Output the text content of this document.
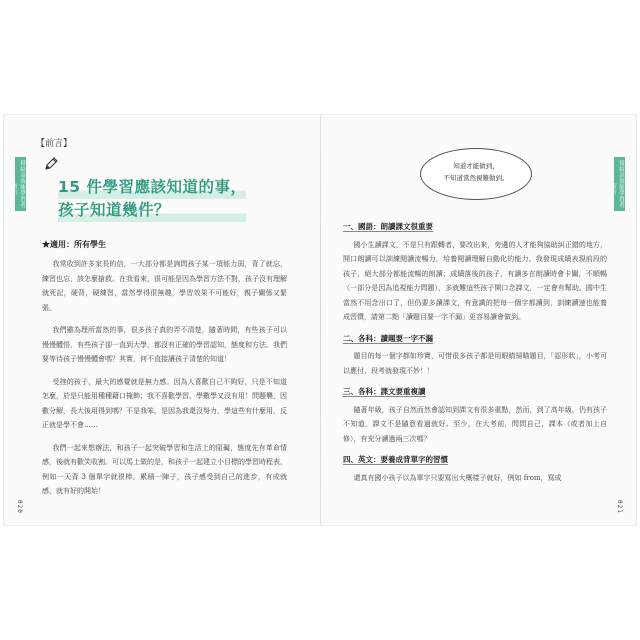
【前言】
15 件學習應該知道的事，
孩子知道幾件？
★適用：所有學生

我常收到許多家長的信，一大部分都是詢問孩子某一項能力弱，背了就忘，練習也忘，該怎麼搶救。在我看來，很可能是因為學習方法不對，孩子沒有理解就死記，硬背，硬練習，當然學得很無趣，學習效果不可能好，親子關係又緊張。

我們雖為理所當然的事，很多孩子真的弄不清楚，隨著時間，有些孩子可以慢慢體悟，有些孩子卻一直到大學，都沒有正確的學習認知，態度和方法。我們要等待孩子慢慢體會嗎？其實，何不直接讓孩子清楚的知道！

受挫的孩子，最大的感覺就是無力感。因為人喜歡自己不夠好，只是不知道怎麼，於是只能用種種藉口掩飾；我不喜歡學習，學數學又沒有用！問題襲，因數分解，長大後用得到嗎？不是我笨，是因為我還沒努力，學這些有什麼用，反正就是學不會……

我們一起來想辦法，和孩子一起突破學習和生活上的阻礙，態度先有革命情感，後就有歡笑收割。可以馬上做的是，和孩子一起建立小目標的學習時程表，例如一天背 3 個單字就很棒。累積一陣子，孩子感受到自己的進步，有成就感，就有好的開始！

寫給高效能學習者
前言
020
知道才能做到，
不知道當然視難做到。

一、國語：朗讀課文很重要

國小生讀課文，不是只有跟轉者，要改出來，旁邊的人才能夠協助糾正錯的地方，開口朗讀可以訓練閱讀流暢力，培養閱讀理解自動化的能力。我發現成績表現前段的孩子，絕大部分都能流暢的朗讀；成績落後的孩子，有讀多在朗讀時會卡關，不順暢（一部分是因為追視能力問題），多就難這些孩子開口念課文，一定會有幫助。國中生當然不用念出口了，但仍要多讀課文，有意識的把每一個字都讀到，訓練讀速也能養成習慣，請第二點「讀題目要一字不漏」更容易讀會做到。

二、各科：讀題要一字不漏

題目的每一個字都如珍寶，可惜很多孩子都是用眼睛掃瞄題目，「認形狀」，小考可以應付，段考就發現不妙！！

三、各科：課文要重複讀

隨著年級，孩子自然而然會認知到課文有很多重點，然而，到了高年級，仍有孩子不知道，課文不是隨意看過就好。至少，在大考前，問問自己，課本（或者加上自修），有充分讀過兩三次嗎？

四、英文：要養成背單字的習慣

還真有國小孩子以為單字只要寫出大概樣子就好，例如 from，寫成

寫給高效能學習者
前言
021
